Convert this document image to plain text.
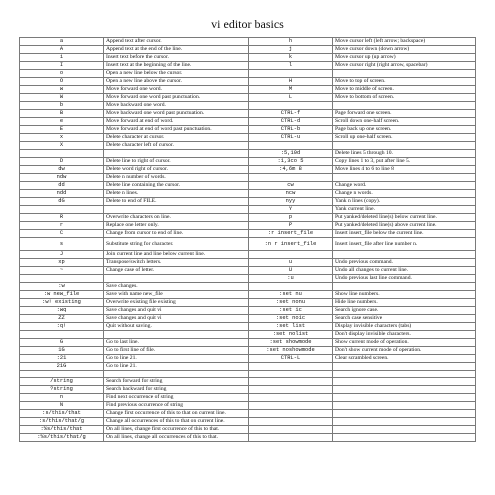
vi editor basics
a	Append text after cursor.	h	Move cursor left (left arrow; backspace)
A	Append text at the end of the line.	j	Move cursor down (down arrow)
i	Insert text before the cursor.	k	Move cursor up (up arrow)
I	Insert text at the beginning of the line.	l	Move cursor right (right arrow, spacebar)
o	Open a new line below the cursor.		
O	Open a new line above the cursor.	H	Move to top of screen.
w	Move forward one word.	M	Move to middle of screen.
W	Move forward one word past punctuation.	L	Move to bottom of screen.
b	Move backward one word.		
B	Move backward one word past punctuation.	CTRL-f	Page forward one screen.
e	Move forward at end of word.	CTRL-d	Scroll down one-half screen.
E	Move forward at end of word past punctuation.	CTRL-b	Page back up one screen.
x	Delete character at cursor.	CTRL-u	Scroll up one-half screen.
X	Delete character left of cursor.		
		:5,10d	Delete lines 5 through 10.
D	Delete line to right of cursor.	:1,3co 5	Copy lines 1 to 3, put after line 5.
dw	Delete word right of cursor.	:4,6m 8	Move lines 4 to 6 to line 8
ndw	Delete n number of words.		
dd	Delete line containing the cursor.	cw	Change word.
ndd	Delete n lines.	ncw	Change n words.
dG	Delete to end of FILE.	nyy	Yank n lines (copy).
		Y	Yank current line.
R	Overwrite characters on line.	p	Put yanked/deleted line(s) below current line.
r	Replace one letter only.	P	Put yanked/deleted line(s) above current line.
C	Change from cursor to end of line.	:r insert_file	Insert insert_file below the current line.
s	Substitute string for character.	:n r insert_file	Insert insert_file after line number n.
J	Join current line and line below current line.		
xp	Transpose/switch letters.	u	Undo previous command.
~	Change case of letter.	U	Undo all changes to current line.
		:u	Undo previous last line command.
:w	Save changes.		
:w new_file	Save with name new_file	:set nu	Show line numbers.
:w! existing	Overwrite existing file existing	:set nonu	Hide line numbers.
:wq	Save changes and quit vi	:set ic	Search ignore case.
ZZ	Save changes and quit vi	:set noic	Search case sensitive
:q!	Quit without saving.	:set list	Display invisible characters (tabs)
		:set nolist	Don't display invisible characters.
G	Go to last line.	:set showmode	Show current mode of operation.
1G	Go to first line of file.	:set noshowmode	Don't show current mode of operation.
:21	Go to line 21.	CTRL-L	Clear scrambled screen.
21G	Go to line 21.		

/string	Search forward for string		
?string	Search backward for string		
n	Find next occurrence of string		
N	Find previous occurrence of string		
:s/this/that	Change first occurrence of this to that on current line.		
:s/this/that/g	Change all occurrences of this to that on current line.		
:%s/this/that	On all lines, change first occurrence of this to that.		
:%s/this/that/g	On all lines, change all occurrences of this to that.		
